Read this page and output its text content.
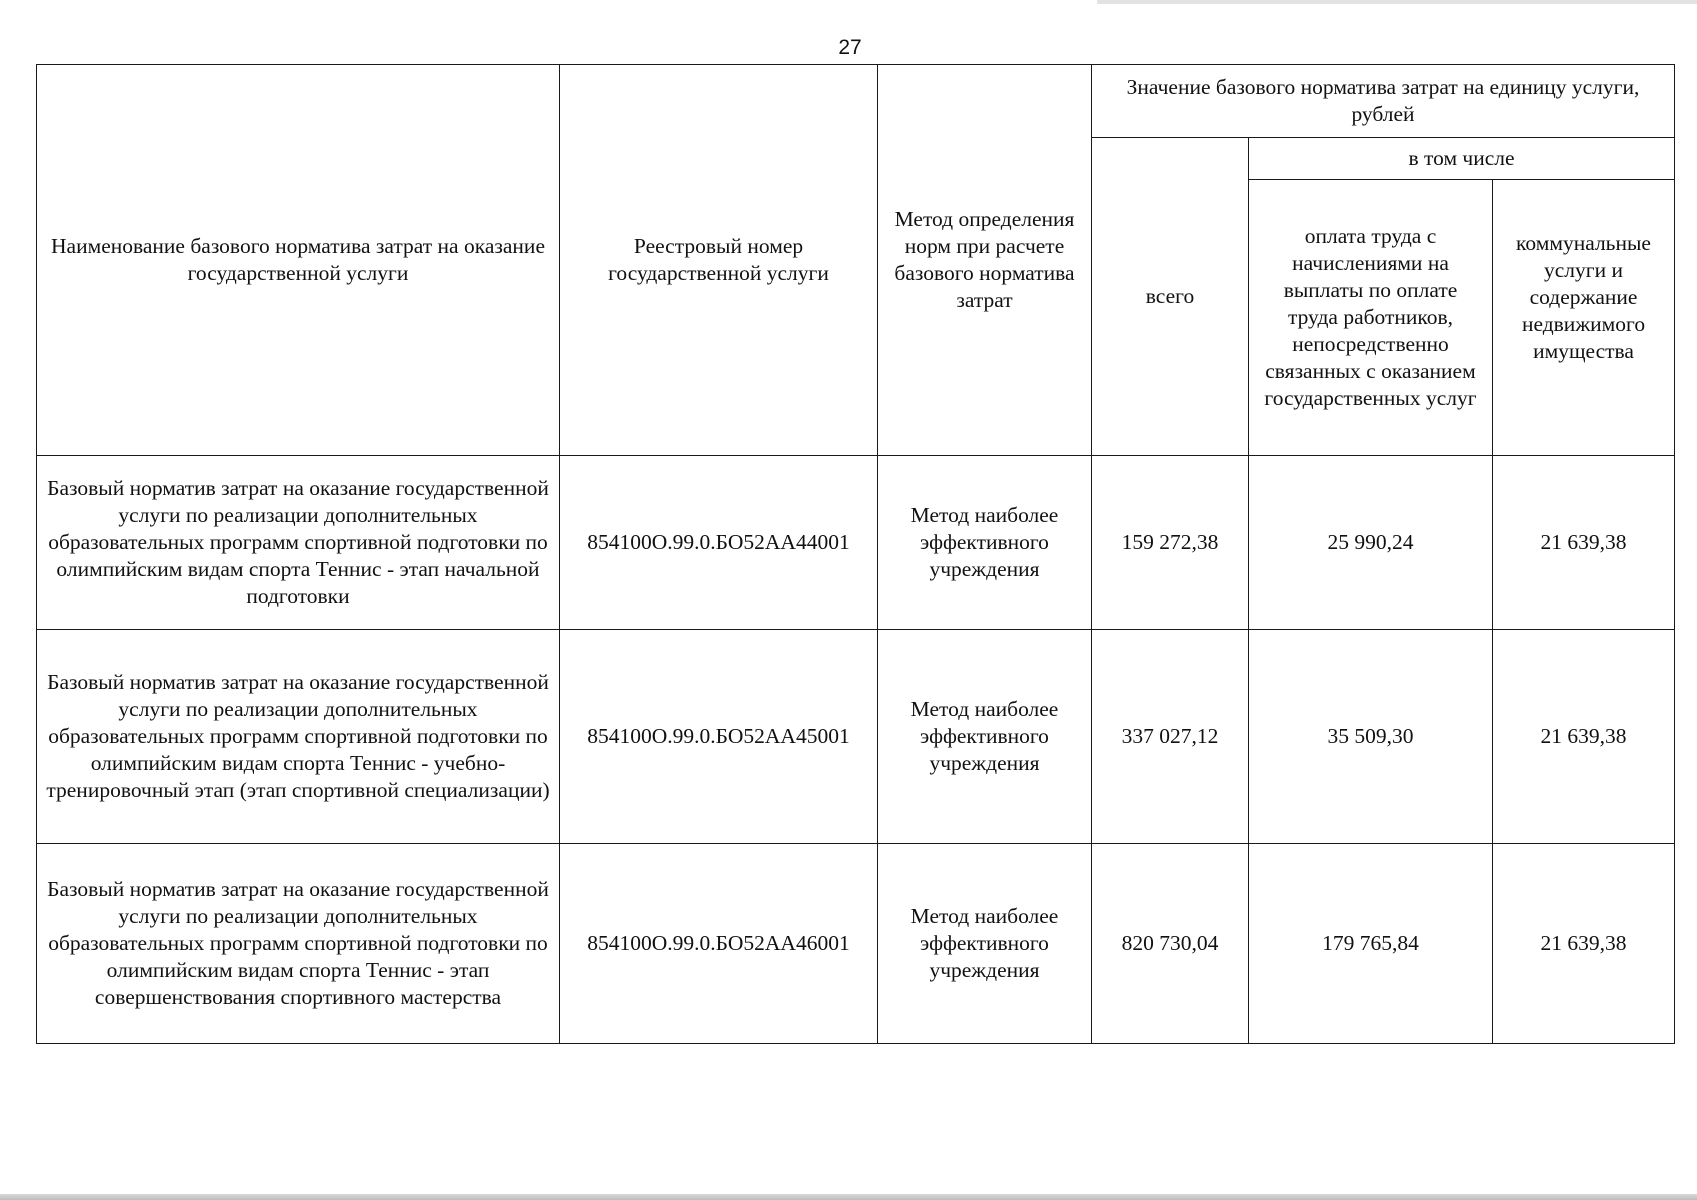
27
Наименование базового норматива затрат на оказание государственной услуги	Реестровый номер государственной услуги	Метод определения норм при расчете базового норматива затрат	Значение базового норматива затрат на единицу услуги, рублей		
			всего	в том числе	
				оплата труда с начислениями на выплаты по оплате труда работников, непосредственно связанных с оказанием государственных услуг	коммунальные услуги и содержание недвижимого имущества
Базовый норматив затрат на оказание государственной услуги по реализации дополнительных образовательных программ спортивной подготовки по олимпийским видам спорта Теннис - этап начальной подготовки	854100О.99.0.БО52АА44001	Метод наиболее эффективного учреждения	159 272,38	25 990,24	21 639,38
Базовый норматив затрат на оказание государственной услуги по реализации дополнительных образовательных программ спортивной подготовки по олимпийским видам спорта Теннис - учебно-тренировочный этап (этап спортивной специализации)	854100О.99.0.БО52АА45001	Метод наиболее эффективного учреждения	337 027,12	35 509,30	21 639,38
Базовый норматив затрат на оказание государственной услуги по реализации дополнительных образовательных программ спортивной подготовки по олимпийским видам спорта Теннис - этап совершенствования спортивного мастерства	854100О.99.0.БО52АА46001	Метод наиболее эффективного учреждения	820 730,04	179 765,84	21 639,38
